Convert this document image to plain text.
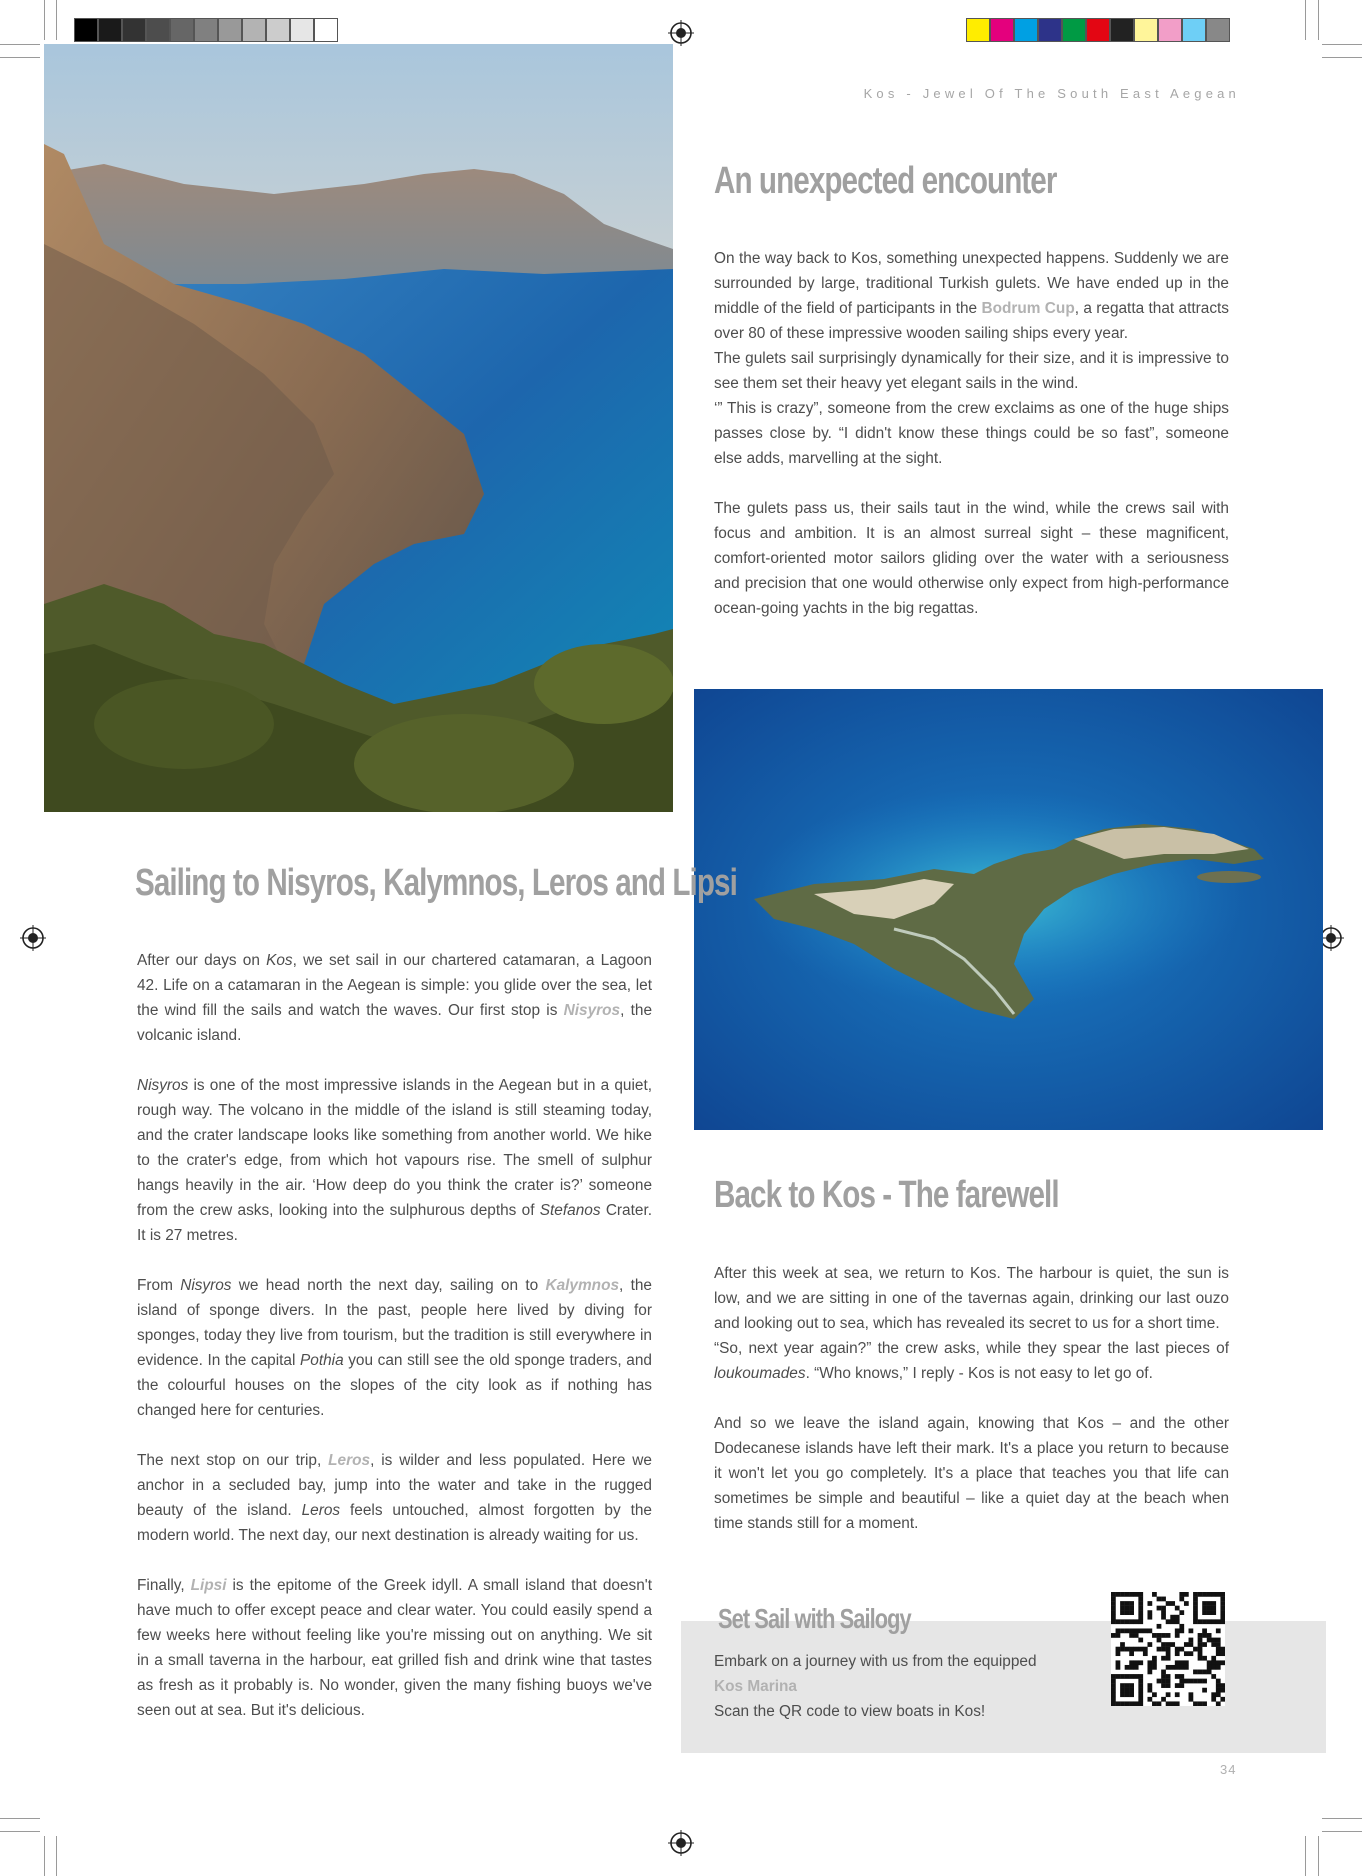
Kos - Jewel Of The South East Aegean
An unexpected encounter

On the way back to Kos, something unexpected happens. Suddenly we are surrounded by large, traditional Turkish gulets. We have ended up in the middle of the field of participants in the Bodrum Cup, a regatta that attracts over 80 of these impressive wooden sailing ships every year.

The gulets sail surprisingly dynamically for their size, and it is impressive to see them set their heavy yet elegant sails in the wind.

‘” This is crazy”, someone from the crew exclaims as one of the huge ships passes close by. “I didn't know these things could be so fast”, someone else adds, marvelling at the sight.

The gulets pass us, their sails taut in the wind, while the crews sail with focus and ambition. It is an almost surreal sight – these magnificent, comfort-oriented motor sailors gliding over the water with a seriousness and precision that one would otherwise only expect from high-performance ocean-going yachts in the big regattas.

Sailing to Nisyros, Kalymnos, Leros and Lipsi

After our days on Kos, we set sail in our chartered catamaran, a Lagoon 42. Life on a catamaran in the Aegean is simple: you glide over the sea, let the wind fill the sails and watch the waves. Our first stop is Nisyros, the volcanic island.

Nisyros is one of the most impressive islands in the Aegean but in a quiet, rough way. The volcano in the middle of the island is still steaming today, and the crater landscape looks like something from another world. We hike to the crater's edge, from which hot vapours rise. The smell of sulphur hangs heavily in the air. ‘How deep do you think the crater is?’ someone from the crew asks, looking into the sulphurous depths of Stefanos Crater. It is 27 metres.

From Nisyros we head north the next day, sailing on to Kalymnos, the island of sponge divers. In the past, people here lived by diving for sponges, today they live from tourism, but the tradition is still everywhere in evidence. In the capital Pothia you can still see the old sponge traders, and the colourful houses on the slopes of the city look as if nothing has changed here for centuries.

The next stop on our trip, Leros, is wilder and less populated. Here we anchor in a secluded bay, jump into the water and take in the rugged beauty of the island. Leros feels untouched, almost forgotten by the modern world. The next day, our next destination is already waiting for us.

Finally, Lipsi is the epitome of the Greek idyll. A small island that doesn't have much to offer except peace and clear water. You could easily spend a few weeks here without feeling like you're missing out on anything. We sit in a small taverna in the harbour, eat grilled fish and drink wine that tastes as fresh as it probably is. No wonder, given the many fishing buoys we've seen out at sea. But it's delicious.

Back to Kos - The farewell

After this week at sea, we return to Kos. The harbour is quiet, the sun is low, and we are sitting in one of the tavernas again, drinking our last ouzo and looking out to sea, which has revealed its secret to us for a short time.

“So, next year again?” the crew asks, while they spear the last pieces of loukoumades. “Who knows,” I reply - Kos is not easy to let go of.

And so we leave the island again, knowing that Kos – and the other Dodecanese islands have left their mark. It's a place you return to because it won't let you go completely. It's a place that teaches you that life can sometimes be simple and beautiful – like a quiet day at the beach when time stands still for a moment.

Set Sail with Sailogy
Embark on a journey with us from the equipped
Kos Marina
Scan the QR code to view boats in Kos!
34
